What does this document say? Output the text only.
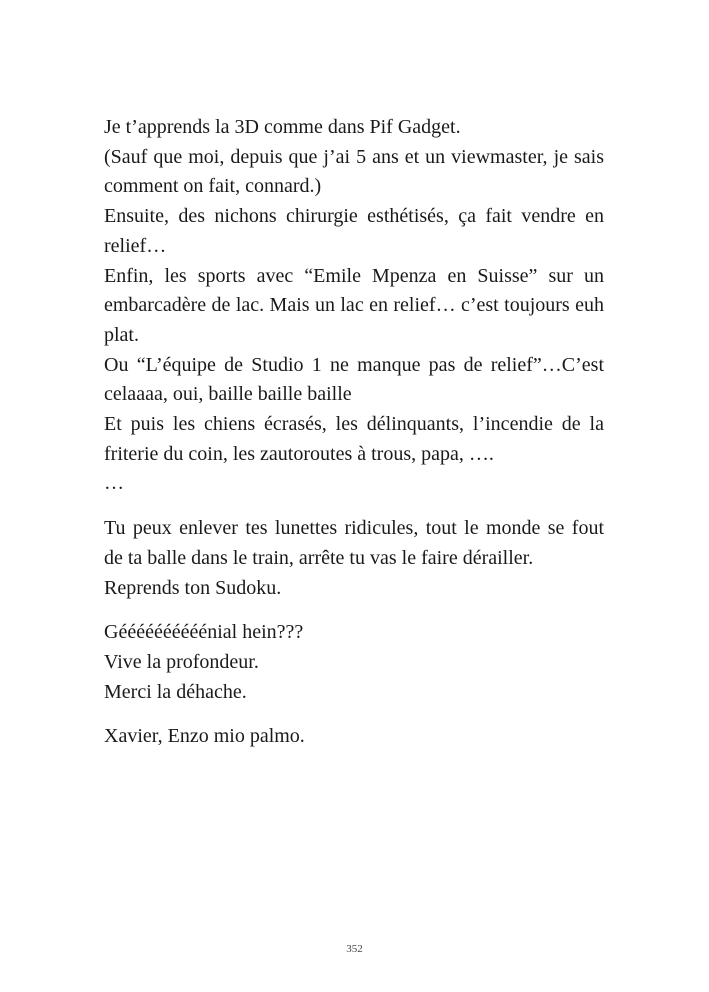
Je t’apprends la 3D comme dans Pif Gadget.

(Sauf que moi, depuis que j’ai 5 ans et un viewmaster, je sais comment on fait, connard.)

Ensuite, des nichons chirurgie esthétisés, ça fait vendre en relief…

Enfin, les sports avec “Emile Mpenza en Suisse” sur un embarcadère de lac. Mais un lac en relief… c’est toujours euh plat.

Ou “L’équipe de Studio 1 ne manque pas de relief”…C’est celaaaa, oui, baille baille baille

Et puis les chiens écrasés, les délinquants, l’incendie de la friterie du coin, les zautoroutes à trous, papa, ….

…

Tu peux enlever tes lunettes ridicules, tout le monde se fout de ta balle dans le train, arrête tu vas le faire dérailler.

Reprends ton Sudoku.

Géééééééééénial hein???

Vive la profondeur.

Merci la déhache.

Xavier, Enzo mio palmo.

352
